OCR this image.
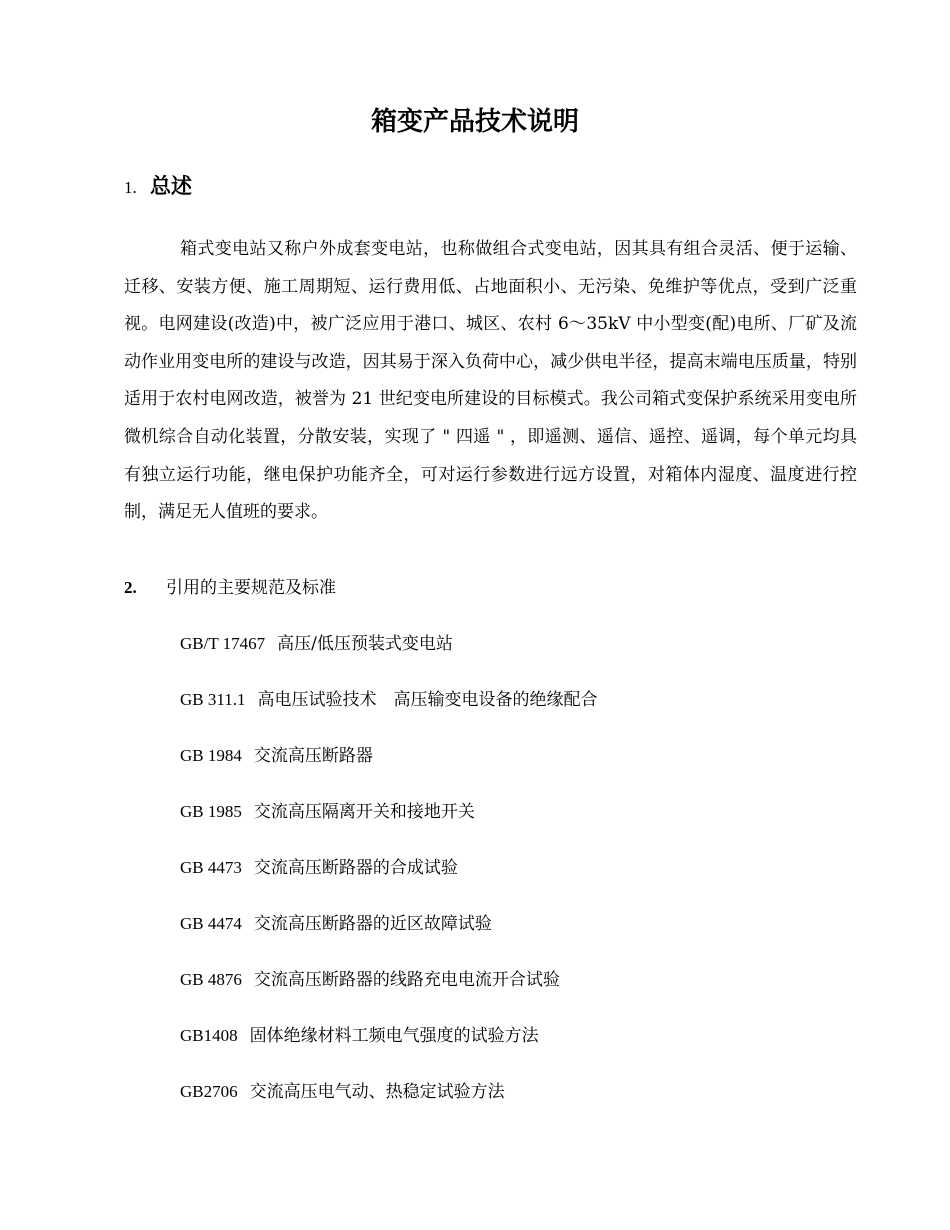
箱变产品技术说明
1. 总述

箱式变电站又称户外成套变电站，也称做组合式变电站，因其具有组合灵活、便于运输、迁移、安装方便、施工周期短、运行费用低、占地面积小、无污染、免维护等优点，受到广泛重视。电网建设(改造)中，被广泛应用于港口、城区、农村 6～35kV 中小型变(配)电所、厂矿及流动作业用变电所的建设与改造，因其易于深入负荷中心，减少供电半径，提高末端电压质量，特别适用于农村电网改造，被誉为 21 世纪变电所建设的目标模式。我公司箱式变保护系统采用变电所微机综合自动化装置，分散安装，实现了 " 四遥 " ，即遥测、遥信、遥控、遥调，每个单元均具有独立运行功能，继电保护功能齐全，可对运行参数进行远方设置，对箱体内湿度、温度进行控制，满足无人值班的要求。

2. 引用的主要规范及标准
GB/T 17467 高压/低压预装式变电站
GB 311.1 高电压试验技术　高压输变电设备的绝缘配合
GB 1984 交流高压断路器
GB 1985 交流高压隔离开关和接地开关
GB 4473 交流高压断路器的合成试验
GB 4474 交流高压断路器的近区故障试验
GB 4876 交流高压断路器的线路充电电流开合试验
GB1408 固体绝缘材料工频电气强度的试验方法
GB2706 交流高压电气动、热稳定试验方法
